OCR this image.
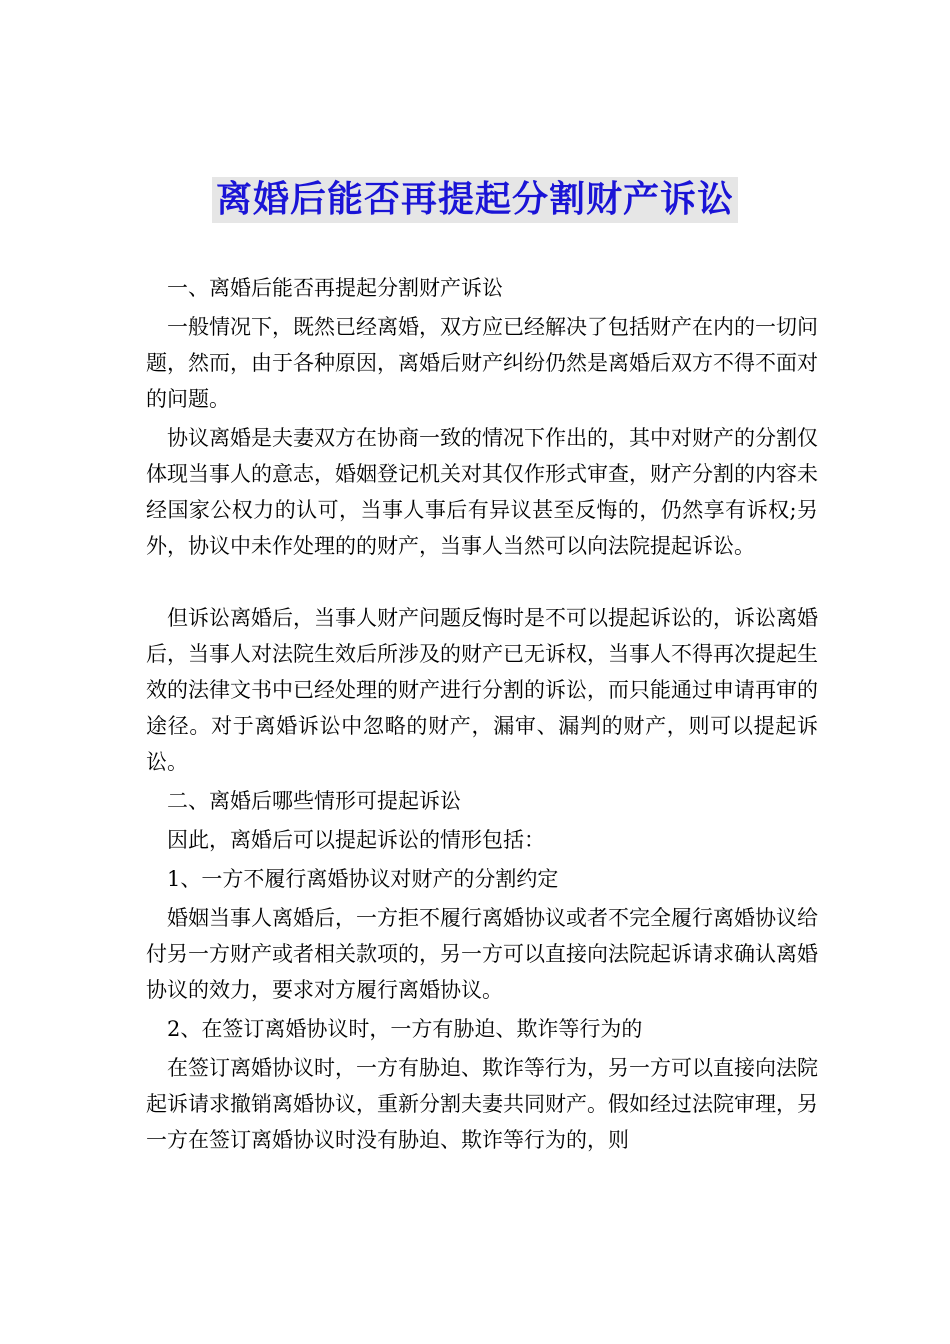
离婚后能否再提起分割财产诉讼

一、离婚后能否再提起分割财产诉讼

一般情况下，既然已经离婚，双方应已经解决了包括财产在内的一切问题，然而，由于各种原因，离婚后财产纠纷仍然是离婚后双方不得不面对的问题。

协议离婚是夫妻双方在协商一致的情况下作出的，其中对财产的分割仅体现当事人的意志，婚姻登记机关对其仅作形式审查，财产分割的内容未经国家公权力的认可，当事人事后有异议甚至反悔的，仍然享有诉权;另外，协议中未作处理的的财产，当事人当然可以向法院提起诉讼。

但诉讼离婚后，当事人财产问题反悔时是不可以提起诉讼的，诉讼离婚后，当事人对法院生效后所涉及的财产已无诉权，当事人不得再次提起生效的法律文书中已经处理的财产进行分割的诉讼，而只能通过申请再审的途径。对于离婚诉讼中忽略的财产，漏审、漏判的财产，则可以提起诉讼。

二、离婚后哪些情形可提起诉讼

因此，离婚后可以提起诉讼的情形包括：

1、一方不履行离婚协议对财产的分割约定

婚姻当事人离婚后，一方拒不履行离婚协议或者不完全履行离婚协议给付另一方财产或者相关款项的，另一方可以直接向法院起诉请求确认离婚协议的效力，要求对方履行离婚协议。

2、在签订离婚协议时，一方有胁迫、欺诈等行为的

在签订离婚协议时，一方有胁迫、欺诈等行为，另一方可以直接向法院起诉请求撤销离婚协议，重新分割夫妻共同财产。假如经过法院审理，另一方在签订离婚协议时没有胁迫、欺诈等行为的，则
